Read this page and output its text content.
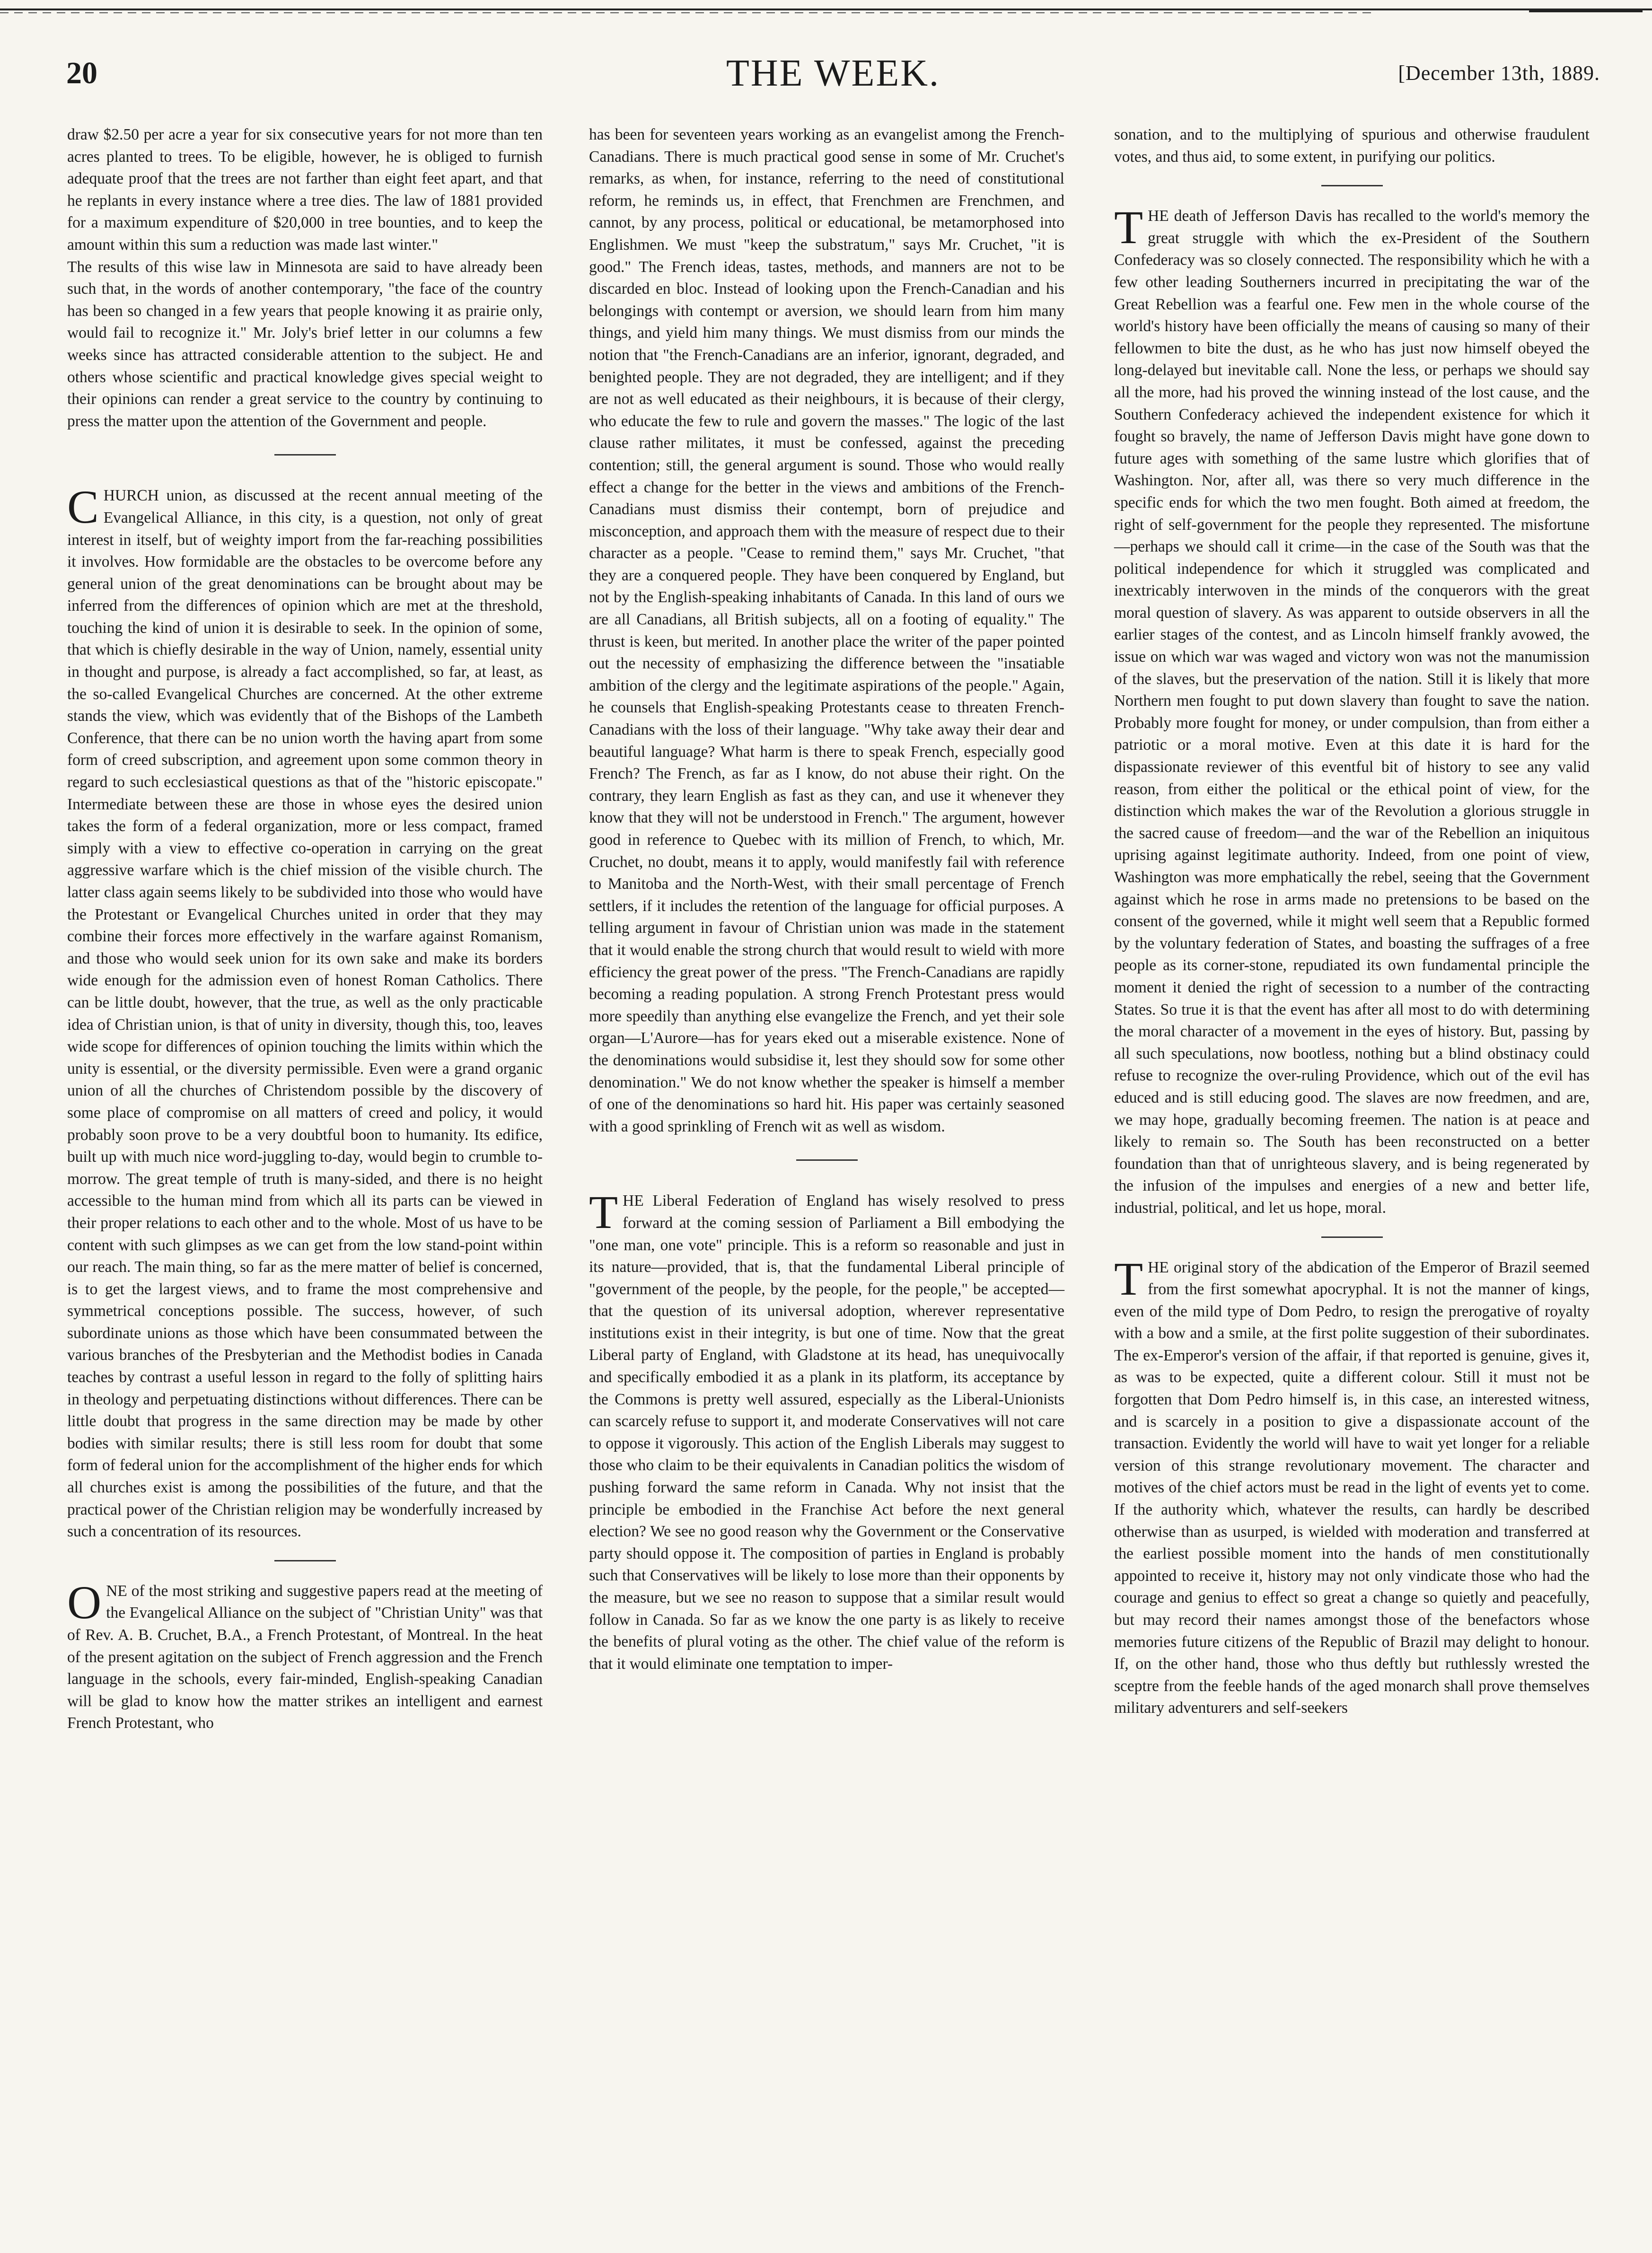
20	THE WEEK.	[December 13th, 1889.

draw $2.50 per acre a year for six consecutive years for not more than ten acres planted to trees. To be eligible, however, he is obliged to furnish adequate proof that the trees are not farther than eight feet apart, and that he replants in every instance where a tree dies. The law of 1881 provided for a maximum expenditure of $20,000 in tree bounties, and to keep the amount within this sum a reduction was made last winter."

The results of this wise law in Minnesota are said to have already been such that, in the words of another contemporary, "the face of the country has been so changed in a few years that people knowing it as prairie only, would fail to recognize it." Mr. Joly's brief letter in our columns a few weeks since has attracted considerable attention to the subject. He and others whose scientific and practical knowledge gives special weight to their opinions can render a great service to the country by continuing to press the matter upon the attention of the Government and people.

CHURCH union, as discussed at the recent annual meeting of the Evangelical Alliance, in this city, is a question, not only of great interest in itself, but of weighty import from the far-reaching possibilities it involves. How formidable are the obstacles to be overcome before any general union of the great denominations can be brought about may be inferred from the differences of opinion which are met at the threshold, touching the kind of union it is desirable to seek. In the opinion of some, that which is chiefly desirable in the way of Union, namely, essential unity in thought and purpose, is already a fact accomplished, so far, at least, as the so-called Evangelical Churches are concerned. At the other extreme stands the view, which was evidently that of the Bishops of the Lambeth Conference, that there can be no union worth the having apart from some form of creed subscription, and agreement upon some common theory in regard to such ecclesiastical questions as that of the "historic episcopate." Intermediate between these are those in whose eyes the desired union takes the form of a federal organization, more or less compact, framed simply with a view to effective co-operation in carrying on the great aggressive warfare which is the chief mission of the visible church. The latter class again seems likely to be subdivided into those who would have the Protestant or Evangelical Churches united in order that they may combine their forces more effectively in the warfare against Romanism, and those who would seek union for its own sake and make its borders wide enough for the admission even of honest Roman Catholics. There can be little doubt, however, that the true, as well as the only practicable idea of Christian union, is that of unity in diversity, though this, too, leaves wide scope for differences of opinion touching the limits within which the unity is essential, or the diversity permissible. Even were a grand organic union of all the churches of Christendom possible by the discovery of some place of compromise on all matters of creed and policy, it would probably soon prove to be a very doubtful boon to humanity. Its edifice, built up with much nice word-juggling to-day, would begin to crumble to-morrow. The great temple of truth is many-sided, and there is no height accessible to the human mind from which all its parts can be viewed in their proper relations to each other and to the whole. Most of us have to be content with such glimpses as we can get from the low stand-point within our reach. The main thing, so far as the mere matter of belief is concerned, is to get the largest views, and to frame the most comprehensive and symmetrical conceptions possible. The success, however, of such subordinate unions as those which have been consummated between the various branches of the Presbyterian and the Methodist bodies in Canada teaches by contrast a useful lesson in regard to the folly of splitting hairs in theology and perpetuating distinctions without differences. There can be little doubt that progress in the same direction may be made by other bodies with similar results; there is still less room for doubt that some form of federal union for the accomplishment of the higher ends for which all churches exist is among the possibilities of the future, and that the practical power of the Christian religion may be wonderfully increased by such a concentration of its resources.

ONE of the most striking and suggestive papers read at the meeting of the Evangelical Alliance on the subject of "Christian Unity" was that of Rev. A. B. Cruchet, B.A., a French Protestant, of Montreal. In the heat of the present agitation on the subject of French aggression and the French language in the schools, every fair-minded, English-speaking Canadian will be glad to know how the matter strikes an intelligent and earnest French Protestant, who

has been for seventeen years working as an evangelist among the French-Canadians. There is much practical good sense in some of Mr. Cruchet's remarks, as when, for instance, referring to the need of constitutional reform, he reminds us, in effect, that Frenchmen are Frenchmen, and cannot, by any process, political or educational, be metamorphosed into Englishmen. We must "keep the substratum," says Mr. Cruchet, "it is good." The French ideas, tastes, methods, and manners are not to be discarded en bloc. Instead of looking upon the French-Canadian and his belongings with contempt or aversion, we should learn from him many things, and yield him many things. We must dismiss from our minds the notion that "the French-Canadians are an inferior, ignorant, degraded, and benighted people. They are not degraded, they are intelligent; and if they are not as well educated as their neighbours, it is because of their clergy, who educate the few to rule and govern the masses." The logic of the last clause rather militates, it must be confessed, against the preceding contention; still, the general argument is sound. Those who would really effect a change for the better in the views and ambitions of the French-Canadians must dismiss their contempt, born of prejudice and misconception, and approach them with the measure of respect due to their character as a people. "Cease to remind them," says Mr. Cruchet, "that they are a conquered people. They have been conquered by England, but not by the English-speaking inhabitants of Canada. In this land of ours we are all Canadians, all British subjects, all on a footing of equality." The thrust is keen, but merited. In another place the writer of the paper pointed out the necessity of emphasizing the difference between the "insatiable ambition of the clergy and the legitimate aspirations of the people." Again, he counsels that English-speaking Protestants cease to threaten French-Canadians with the loss of their language. "Why take away their dear and beautiful language? What harm is there to speak French, especially good French? The French, as far as I know, do not abuse their right. On the contrary, they learn English as fast as they can, and use it whenever they know that they will not be understood in French." The argument, however good in reference to Quebec with its million of French, to which, Mr. Cruchet, no doubt, means it to apply, would manifestly fail with reference to Manitoba and the North-West, with their small percentage of French settlers, if it includes the retention of the language for official purposes. A telling argument in favour of Christian union was made in the statement that it would enable the strong church that would result to wield with more efficiency the great power of the press. "The French-Canadians are rapidly becoming a reading population. A strong French Protestant press would more speedily than anything else evangelize the French, and yet their sole organ—L'Aurore—has for years eked out a miserable existence. None of the denominations would subsidise it, lest they should sow for some other denomination." We do not know whether the speaker is himself a member of one of the denominations so hard hit. His paper was certainly seasoned with a good sprinkling of French wit as well as wisdom.

THE Liberal Federation of England has wisely resolved to press forward at the coming session of Parliament a Bill embodying the "one man, one vote" principle. This is a reform so reasonable and just in its nature—provided, that is, that the fundamental Liberal principle of "government of the people, by the people, for the people," be accepted—that the question of its universal adoption, wherever representative institutions exist in their integrity, is but one of time. Now that the great Liberal party of England, with Gladstone at its head, has unequivocally and specifically embodied it as a plank in its platform, its acceptance by the Commons is pretty well assured, especially as the Liberal-Unionists can scarcely refuse to support it, and moderate Conservatives will not care to oppose it vigorously. This action of the English Liberals may suggest to those who claim to be their equivalents in Canadian politics the wisdom of pushing forward the same reform in Canada. Why not insist that the principle be embodied in the Franchise Act before the next general election? We see no good reason why the Government or the Conservative party should oppose it. The composition of parties in England is probably such that Conservatives will be likely to lose more than their opponents by the measure, but we see no reason to suppose that a similar result would follow in Canada. So far as we know the one party is as likely to receive the benefits of plural voting as the other. The chief value of the reform is that it would eliminate one temptation to imper-

sonation, and to the multiplying of spurious and otherwise fraudulent votes, and thus aid, to some extent, in purifying our politics.

THE death of Jefferson Davis has recalled to the world's memory the great struggle with which the ex-President of the Southern Confederacy was so closely connected. The responsibility which he with a few other leading Southerners incurred in precipitating the war of the Great Rebellion was a fearful one. Few men in the whole course of the world's history have been officially the means of causing so many of their fellowmen to bite the dust, as he who has just now himself obeyed the long-delayed but inevitable call. None the less, or perhaps we should say all the more, had his proved the winning instead of the lost cause, and the Southern Confederacy achieved the independent existence for which it fought so bravely, the name of Jefferson Davis might have gone down to future ages with something of the same lustre which glorifies that of Washington. Nor, after all, was there so very much difference in the specific ends for which the two men fought. Both aimed at freedom, the right of self-government for the people they represented. The misfortune—perhaps we should call it crime—in the case of the South was that the political independence for which it struggled was complicated and inextricably interwoven in the minds of the conquerors with the great moral question of slavery. As was apparent to outside observers in all the earlier stages of the contest, and as Lincoln himself frankly avowed, the issue on which war was waged and victory won was not the manumission of the slaves, but the preservation of the nation. Still it is likely that more Northern men fought to put down slavery than fought to save the nation. Probably more fought for money, or under compulsion, than from either a patriotic or a moral motive. Even at this date it is hard for the dispassionate reviewer of this eventful bit of history to see any valid reason, from either the political or the ethical point of view, for the distinction which makes the war of the Revolution a glorious struggle in the sacred cause of freedom—and the war of the Rebellion an iniquitous uprising against legitimate authority. Indeed, from one point of view, Washington was more emphatically the rebel, seeing that the Government against which he rose in arms made no pretensions to be based on the consent of the governed, while it might well seem that a Republic formed by the voluntary federation of States, and boasting the suffrages of a free people as its corner-stone, repudiated its own fundamental principle the moment it denied the right of secession to a number of the contracting States. So true it is that the event has after all most to do with determining the moral character of a movement in the eyes of history. But, passing by all such speculations, now bootless, nothing but a blind obstinacy could refuse to recognize the over-ruling Providence, which out of the evil has educed and is still educing good. The slaves are now freedmen, and are, we may hope, gradually becoming freemen. The nation is at peace and likely to remain so. The South has been reconstructed on a better foundation than that of unrighteous slavery, and is being regenerated by the infusion of the impulses and energies of a new and better life, industrial, political, and let us hope, moral.

THE original story of the abdication of the Emperor of Brazil seemed from the first somewhat apocryphal. It is not the manner of kings, even of the mild type of Dom Pedro, to resign the prerogative of royalty with a bow and a smile, at the first polite suggestion of their subordinates. The ex-Emperor's version of the affair, if that reported is genuine, gives it, as was to be expected, quite a different colour. Still it must not be forgotten that Dom Pedro himself is, in this case, an interested witness, and is scarcely in a position to give a dispassionate account of the transaction. Evidently the world will have to wait yet longer for a reliable version of this strange revolutionary movement. The character and motives of the chief actors must be read in the light of events yet to come. If the authority which, whatever the results, can hardly be described otherwise than as usurped, is wielded with moderation and transferred at the earliest possible moment into the hands of men constitutionally appointed to receive it, history may not only vindicate those who had the courage and genius to effect so great a change so quietly and peacefully, but may record their names amongst those of the benefactors whose memories future citizens of the Republic of Brazil may delight to honour. If, on the other hand, those who thus deftly but ruthlessly wrested the sceptre from the feeble hands of the aged monarch shall prove themselves military adventurers and self-seekers
